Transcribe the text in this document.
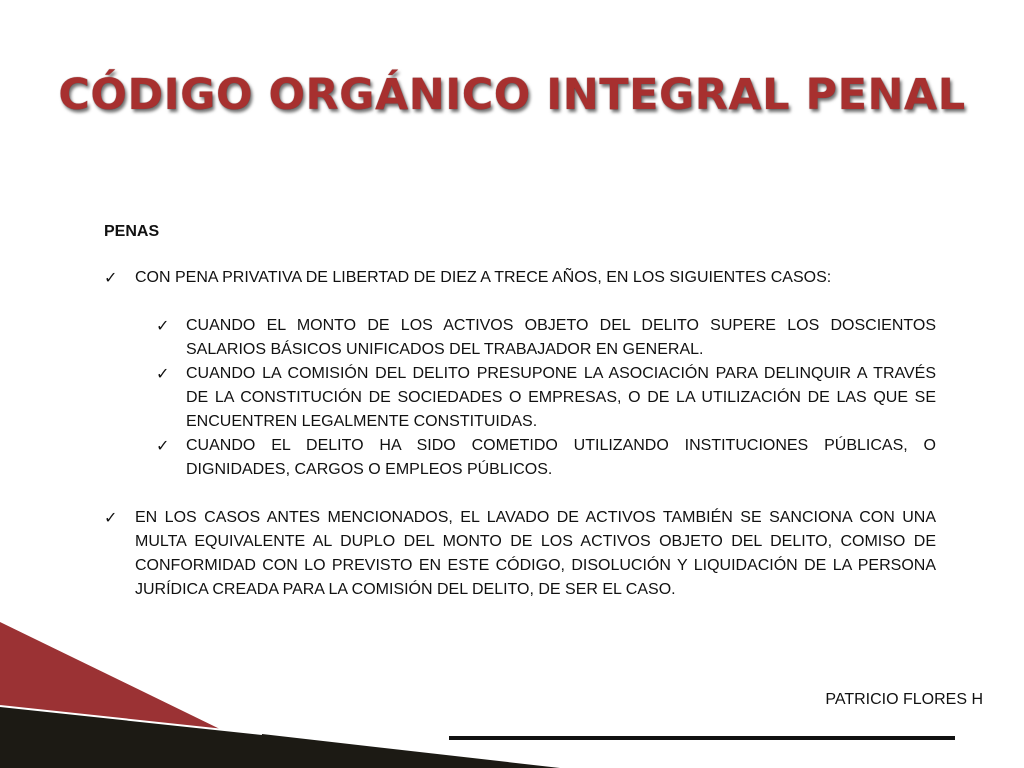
CÓDIGO ORGÁNICO INTEGRAL PENAL

PENAS

✓ CON PENA PRIVATIVA DE LIBERTAD DE DIEZ A TRECE AÑOS, EN LOS SIGUIENTES CASOS:
✓ CUANDO EL MONTO DE LOS ACTIVOS OBJETO DEL DELITO SUPERE LOS DOSCIENTOS SALARIOS BÁSICOS UNIFICADOS DEL TRABAJADOR EN GENERAL.
✓ CUANDO LA COMISIÓN DEL DELITO PRESUPONE LA ASOCIACIÓN PARA DELINQUIR A TRAVÉS DE LA CONSTITUCIÓN DE SOCIEDADES O EMPRESAS, O DE LA UTILIZACIÓN DE LAS QUE SE ENCUENTREN LEGALMENTE CONSTITUIDAS.
✓ CUANDO EL DELITO HA SIDO COMETIDO UTILIZANDO INSTITUCIONES PÚBLICAS, O DIGNIDADES, CARGOS O EMPLEOS PÚBLICOS.
✓ EN LOS CASOS ANTES MENCIONADOS, EL LAVADO DE ACTIVOS TAMBIÉN SE SANCIONA CON UNA MULTA EQUIVALENTE AL DUPLO DEL MONTO DE LOS ACTIVOS OBJETO DEL DELITO, COMISO DE CONFORMIDAD CON LO PREVISTO EN ESTE CÓDIGO, DISOLUCIÓN Y LIQUIDACIÓN DE LA PERSONA JURÍDICA CREADA PARA LA COMISIÓN DEL DELITO, DE SER EL CASO.
PATRICIO FLORES H
